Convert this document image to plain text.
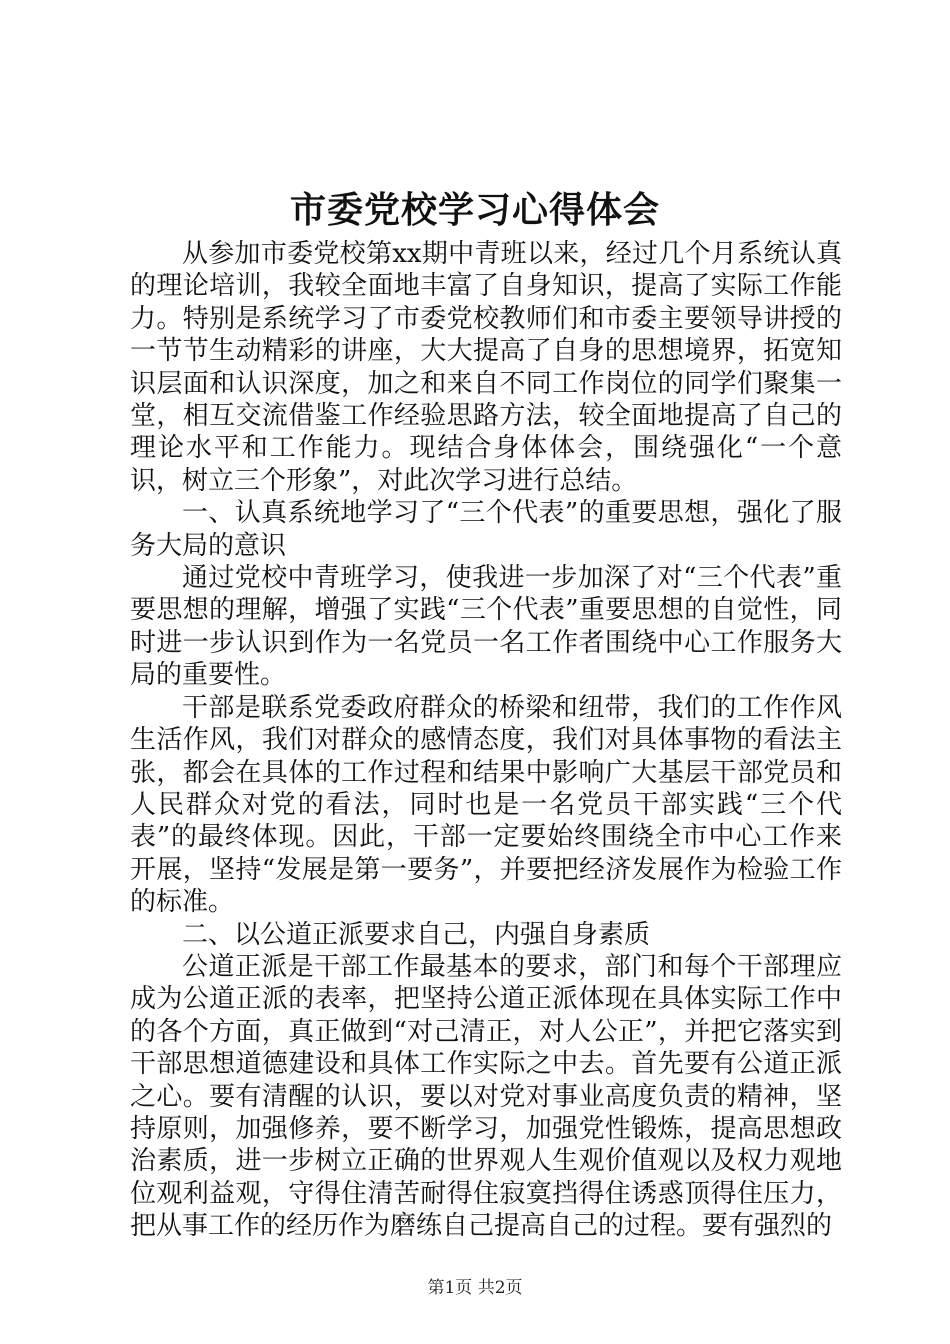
市委党校学习心得体会

从参加市委党校第xx期中青班以来，经过几个月系统认真的理论培训，我较全面地丰富了自身知识，提高了实际工作能力。特别是系统学习了市委党校教师们和市委主要领导讲授的一节节生动精彩的讲座，大大提高了自身的思想境界，拓宽知识层面和认识深度，加之和来自不同工作岗位的同学们聚集一堂，相互交流借鉴工作经验思路方法，较全面地提高了自己的理论水平和工作能力。现结合身体体会，围绕强化“一个意识，树立三个形象”，对此次学习进行总结。

一、认真系统地学习了“三个代表”的重要思想，强化了服务大局的意识

通过党校中青班学习，使我进一步加深了对“三个代表”重要思想的理解，增强了实践“三个代表”重要思想的自觉性，同时进一步认识到作为一名党员一名工作者围绕中心工作服务大局的重要性。

干部是联系党委政府群众的桥梁和纽带，我们的工作作风生活作风，我们对群众的感情态度，我们对具体事物的看法主张，都会在具体的工作过程和结果中影响广大基层干部党员和人民群众对党的看法，同时也是一名党员干部实践“三个代表”的最终体现。因此，干部一定要始终围绕全市中心工作来开展，坚持“发展是第一要务”，并要把经济发展作为检验工作的标准。

二、以公道正派要求自己，内强自身素质

公道正派是干部工作最基本的要求，部门和每个干部理应成为公道正派的表率，把坚持公道正派体现在具体实际工作中的各个方面，真正做到“对己清正，对人公正”，并把它落实到干部思想道德建设和具体工作实际之中去。首先要有公道正派之心。要有清醒的认识，要以对党对事业高度负责的精神，坚持原则，加强修养，要不断学习，加强党性锻炼，提高思想政治素质，进一步树立正确的世界观人生观价值观以及权力观地位观利益观，守得住清苦耐得住寂寞挡得住诱惑顶得住压力，把从事工作的经历作为磨练自己提高自己的过程。要有强烈的

第1页 共2页
